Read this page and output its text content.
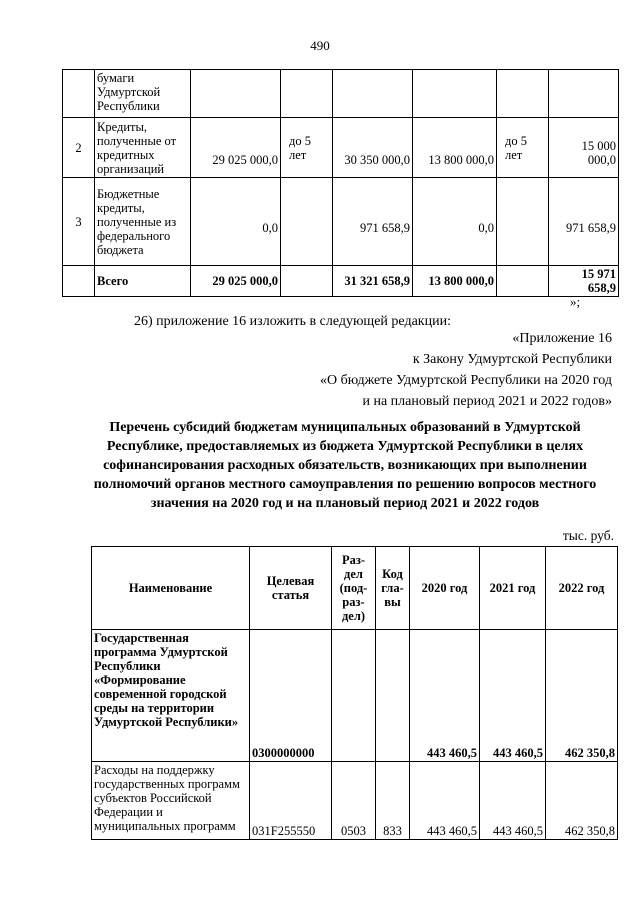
490
	бумаги Удмуртской Республики						
2	Кредиты, полученные от кредитных организаций	29 025 000,0	до 5 лет	30 350 000,0	13 800 000,0	до 5 лет	15 000 000,0
3	Бюджетные кредиты, полученные из федерального бюджета	0,0		971 658,9	0,0		971 658,9
	Всего	29 025 000,0		31 321 658,9	13 800 000,0		15 971 658,9
»;
26) приложение 16 изложить в следующей редакции:
«Приложение 16
к Закону Удмуртской Республики
«О бюджете Удмуртской Республики на 2020 год
и на плановый период 2021 и 2022 годов»
Перечень субсидий бюджетам муниципальных образований в Удмуртской Республике, предоставляемых из бюджета Удмуртской Республики в целях софинансирования расходных обязательств, возникающих при выполнении полномочий органов местного самоуправления по решению вопросов местного значения на 2020 год и на плановый период 2021 и 2022 годов
тыс. руб.
Наименование	Целевая статья	Раз-дел (под-раз-дел)	Код гла-вы	2020 год	2021 год	2022 год
Государственная программа Удмуртской Республики «Формирование современной городской среды на территории Удмуртской Республики»	0300000000			443 460,5	443 460,5	462 350,8
Расходы на поддержку государственных программ субъектов Российской Федерации и муниципальных программ	031F255550	0503	833	443 460,5	443 460,5	462 350,8
